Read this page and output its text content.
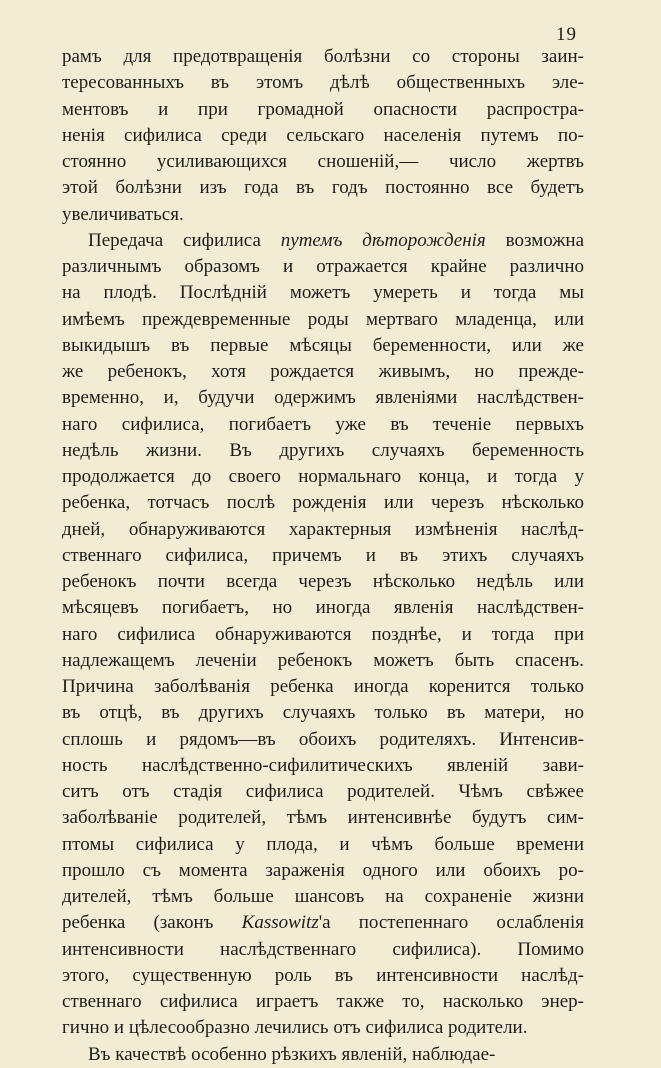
19

рамъ для предотвращенія болѣзни со стороны заин-
тересованныхъ въ этомъ дѣлѣ общественныхъ эле-
ментовъ и при громадной опасности распростра-
ненія сифилиса среди сельскаго населенія путемъ по-
стоянно усиливающихся сношеній,— число жертвъ
этой болѣзни изъ года въ годъ постоянно все будетъ
увеличиваться.

Передача сифилиса путемъ дѣторожденія возможна
различнымъ образомъ и отражается крайне различно
на плодѣ. Послѣдній можетъ умереть и тогда мы
имѣемъ преждевременные роды мертваго младенца, или
выкидышъ въ первые мѣсяцы беременности, или же
же ребенокъ, хотя рождается живымъ, но прежде-
временно, и, будучи одержимъ явленіями наслѣдствен-
наго сифилиса, погибаетъ уже въ теченіе первыхъ
недѣль жизни. Въ другихъ случаяхъ беременность
продолжается до своего нормальнаго конца, и тогда у
ребенка, тотчасъ послѣ рожденія или черезъ нѣсколько
дней, обнаруживаются характерныя измѣненія наслѣд-
ственнаго сифилиса, причемъ и въ этихъ случаяхъ
ребенокъ почти всегда черезъ нѣсколько недѣль или
мѣсяцевъ погибаетъ, но иногда явленія наслѣдствен-
наго сифилиса обнаруживаются позднѣе, и тогда при
надлежащемъ леченіи ребенокъ можетъ быть спасенъ.
Причина заболѣванія ребенка иногда коренится только
въ отцѣ, въ другихъ случаяхъ только въ матери, но
сплошь и рядомъ—въ обоихъ родителяхъ. Интенсив-
ность наслѣдственно-сифилитическихъ явленій зави-
ситъ отъ стадія сифилиса родителей. Чѣмъ свѣжее
заболѣваніе родителей, тѣмъ интенсивнѣе будутъ сим-
птомы сифилиса у плода, и чѣмъ больше времени
прошло съ момента зараженія одного или обоихъ ро-
дителей, тѣмъ больше шансовъ на сохраненіе жизни
ребенка (законъ Kassowitz'а постепеннаго ослабленія
интенсивности наслѣдственнаго сифилиса). Помимо
этого, существенную роль въ интенсивности наслѣд-
ственнаго сифилиса играетъ также то, насколько энер-
гично и цѣлесообразно лечились отъ сифилиса родители.

Въ качествѣ особенно рѣзкихъ явленій, наблюдае-
